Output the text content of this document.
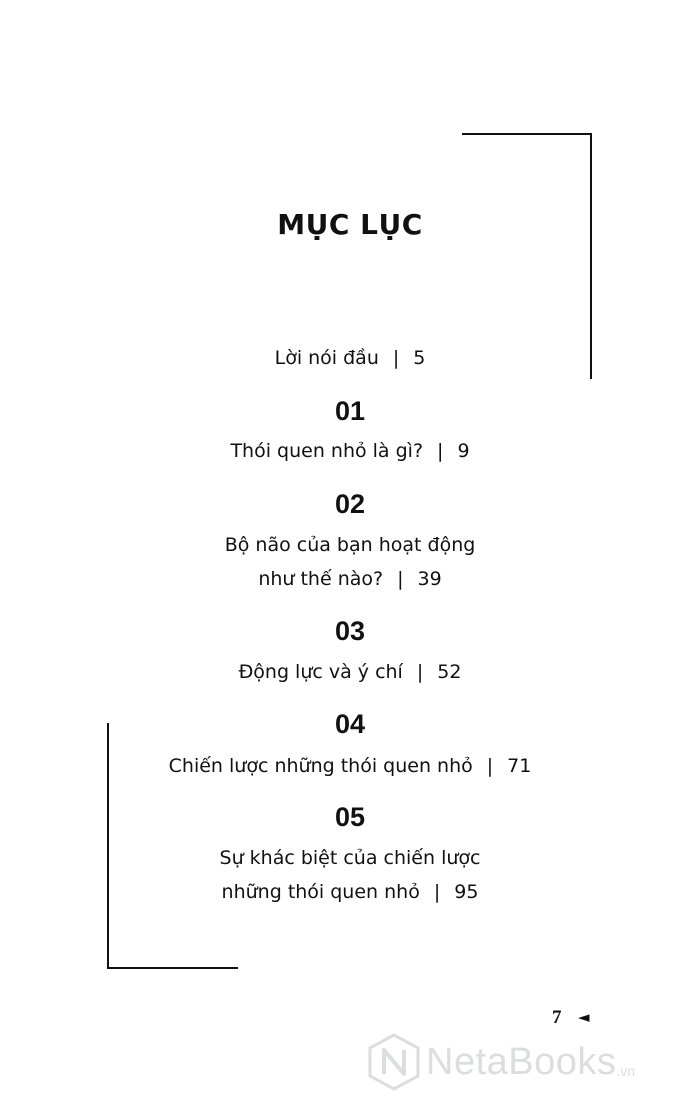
MỤC LỤC
Lời nói đầu | 5
01
Thói quen nhỏ là gì? | 9
02
Bộ não của bạn hoạt động
như thế nào? | 39
03
Động lực và ý chí | 52
04
Chiến lược những thói quen nhỏ | 71
05
Sự khác biệt của chiến lược
những thói quen nhỏ | 95
7 ◄
NetaBooks .vn
